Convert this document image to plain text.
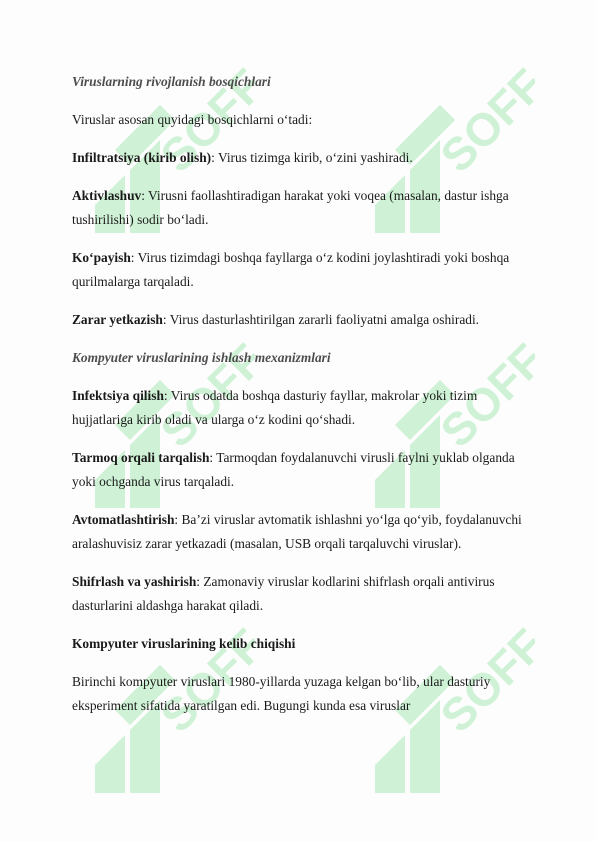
SOFF	SOFF
SOFF	SOFF
SOFF	SOFF
Viruslarning rivojlanish bosqichlari

Viruslar asosan quyidagi bosqichlarni o‘tadi:

Infiltratsiya (kirib olish): Virus tizimga kirib, o‘zini yashiradi.

Aktivlashuv: Virusni faollashtiradigan harakat yoki voqea (masalan, dastur ishga tushirilishi) sodir bo‘ladi.

Ko‘payish: Virus tizimdagi boshqa fayllarga o‘z kodini joylashtiradi yoki boshqa qurilmalarga tarqaladi.

Zarar yetkazish: Virus dasturlashtirilgan zararli faoliyatni amalga oshiradi.

Kompyuter viruslarining ishlash mexanizmlari

Infektsiya qilish: Virus odatda boshqa dasturiy fayllar, makrolar yoki tizim hujjatlariga kirib oladi va ularga o‘z kodini qo‘shadi.

Tarmoq orqali tarqalish: Tarmoqdan foydalanuvchi virusli faylni yuklab olganda yoki ochganda virus tarqaladi.

Avtomatlashtirish: Ba’zi viruslar avtomatik ishlashni yo‘lga qo‘yib, foydalanuvchi aralashuvisiz zarar yetkazadi (masalan, USB orqali tarqaluvchi viruslar).

Shifrlash va yashirish: Zamonaviy viruslar kodlarini shifrlash orqali antivirus dasturlarini aldashga harakat qiladi.

Kompyuter viruslarining kelib chiqishi

Birinchi kompyuter viruslari 1980-yillarda yuzaga kelgan bo‘lib, ular dasturiy eksperiment sifatida yaratilgan edi. Bugungi kunda esa viruslar
